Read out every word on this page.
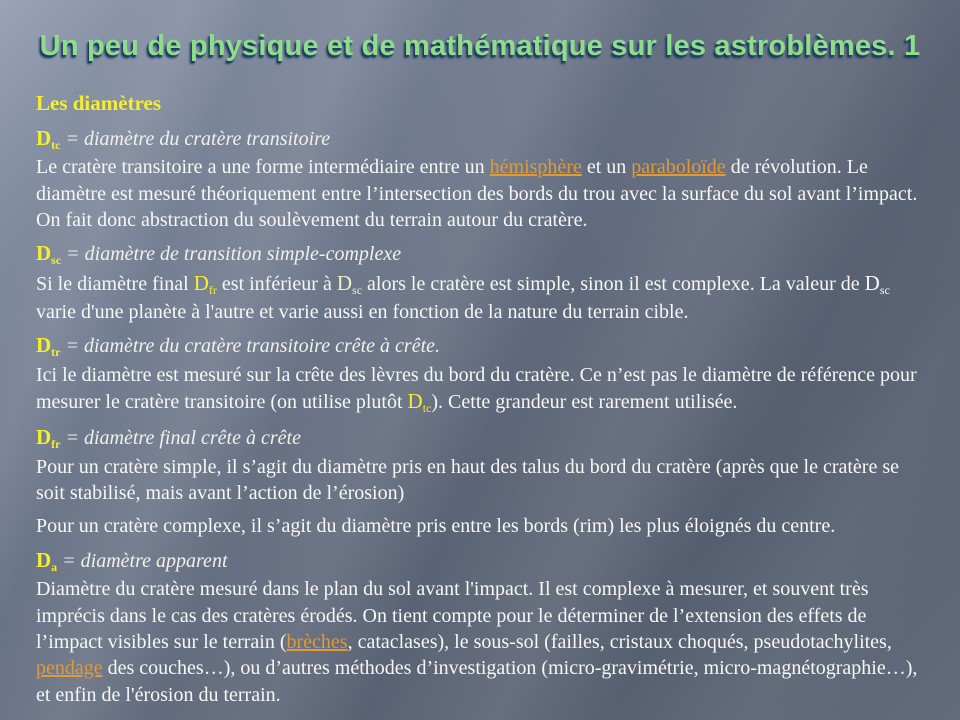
Un peu de physique et de mathématique sur les astroblèmes. 1
Les diamètres
Dtc = diamètre du cratère transitoire
Le cratère transitoire a une forme intermédiaire entre un hémisphère et un paraboloïde de révolution. Le diamètre est mesuré théoriquement entre l’intersection des bords du trou avec la surface du sol avant l’impact. On fait donc abstraction du soulèvement du terrain autour du cratère.
Dsc = diamètre de transition simple-complexe
Si le diamètre final Dfr est inférieur à Dsc alors le cratère est simple, sinon il est complexe. La valeur de Dsc varie d'une planète à l'autre et varie aussi en fonction de la nature du terrain cible.
Dtr = diamètre du cratère transitoire crête à crête.
Ici le diamètre est mesuré sur la crête des lèvres du bord du cratère. Ce n’est pas le diamètre de référence pour mesurer le cratère transitoire (on utilise plutôt Dtc). Cette grandeur est rarement utilisée.
Dfr = diamètre final crête à crête
Pour un cratère simple, il s’agit du diamètre pris en haut des talus du bord du cratère (après que le cratère se soit stabilisé, mais avant l’action de l’érosion)
Pour un cratère complexe, il s’agit du diamètre pris entre les bords (rim) les plus éloignés du centre.
Da = diamètre apparent
Diamètre du cratère mesuré dans le plan du sol avant l'impact. Il est complexe à mesurer, et souvent très imprécis dans le cas des cratères érodés. On tient compte pour le déterminer de l’extension des effets de l’impact visibles sur le terrain (brèches, cataclases), le sous-sol (failles, cristaux choqués, pseudotachylites, pendage des couches…), ou d’autres méthodes d’investigation (micro-gravimétrie, micro-magnétographie…), et enfin de l'érosion du terrain.
